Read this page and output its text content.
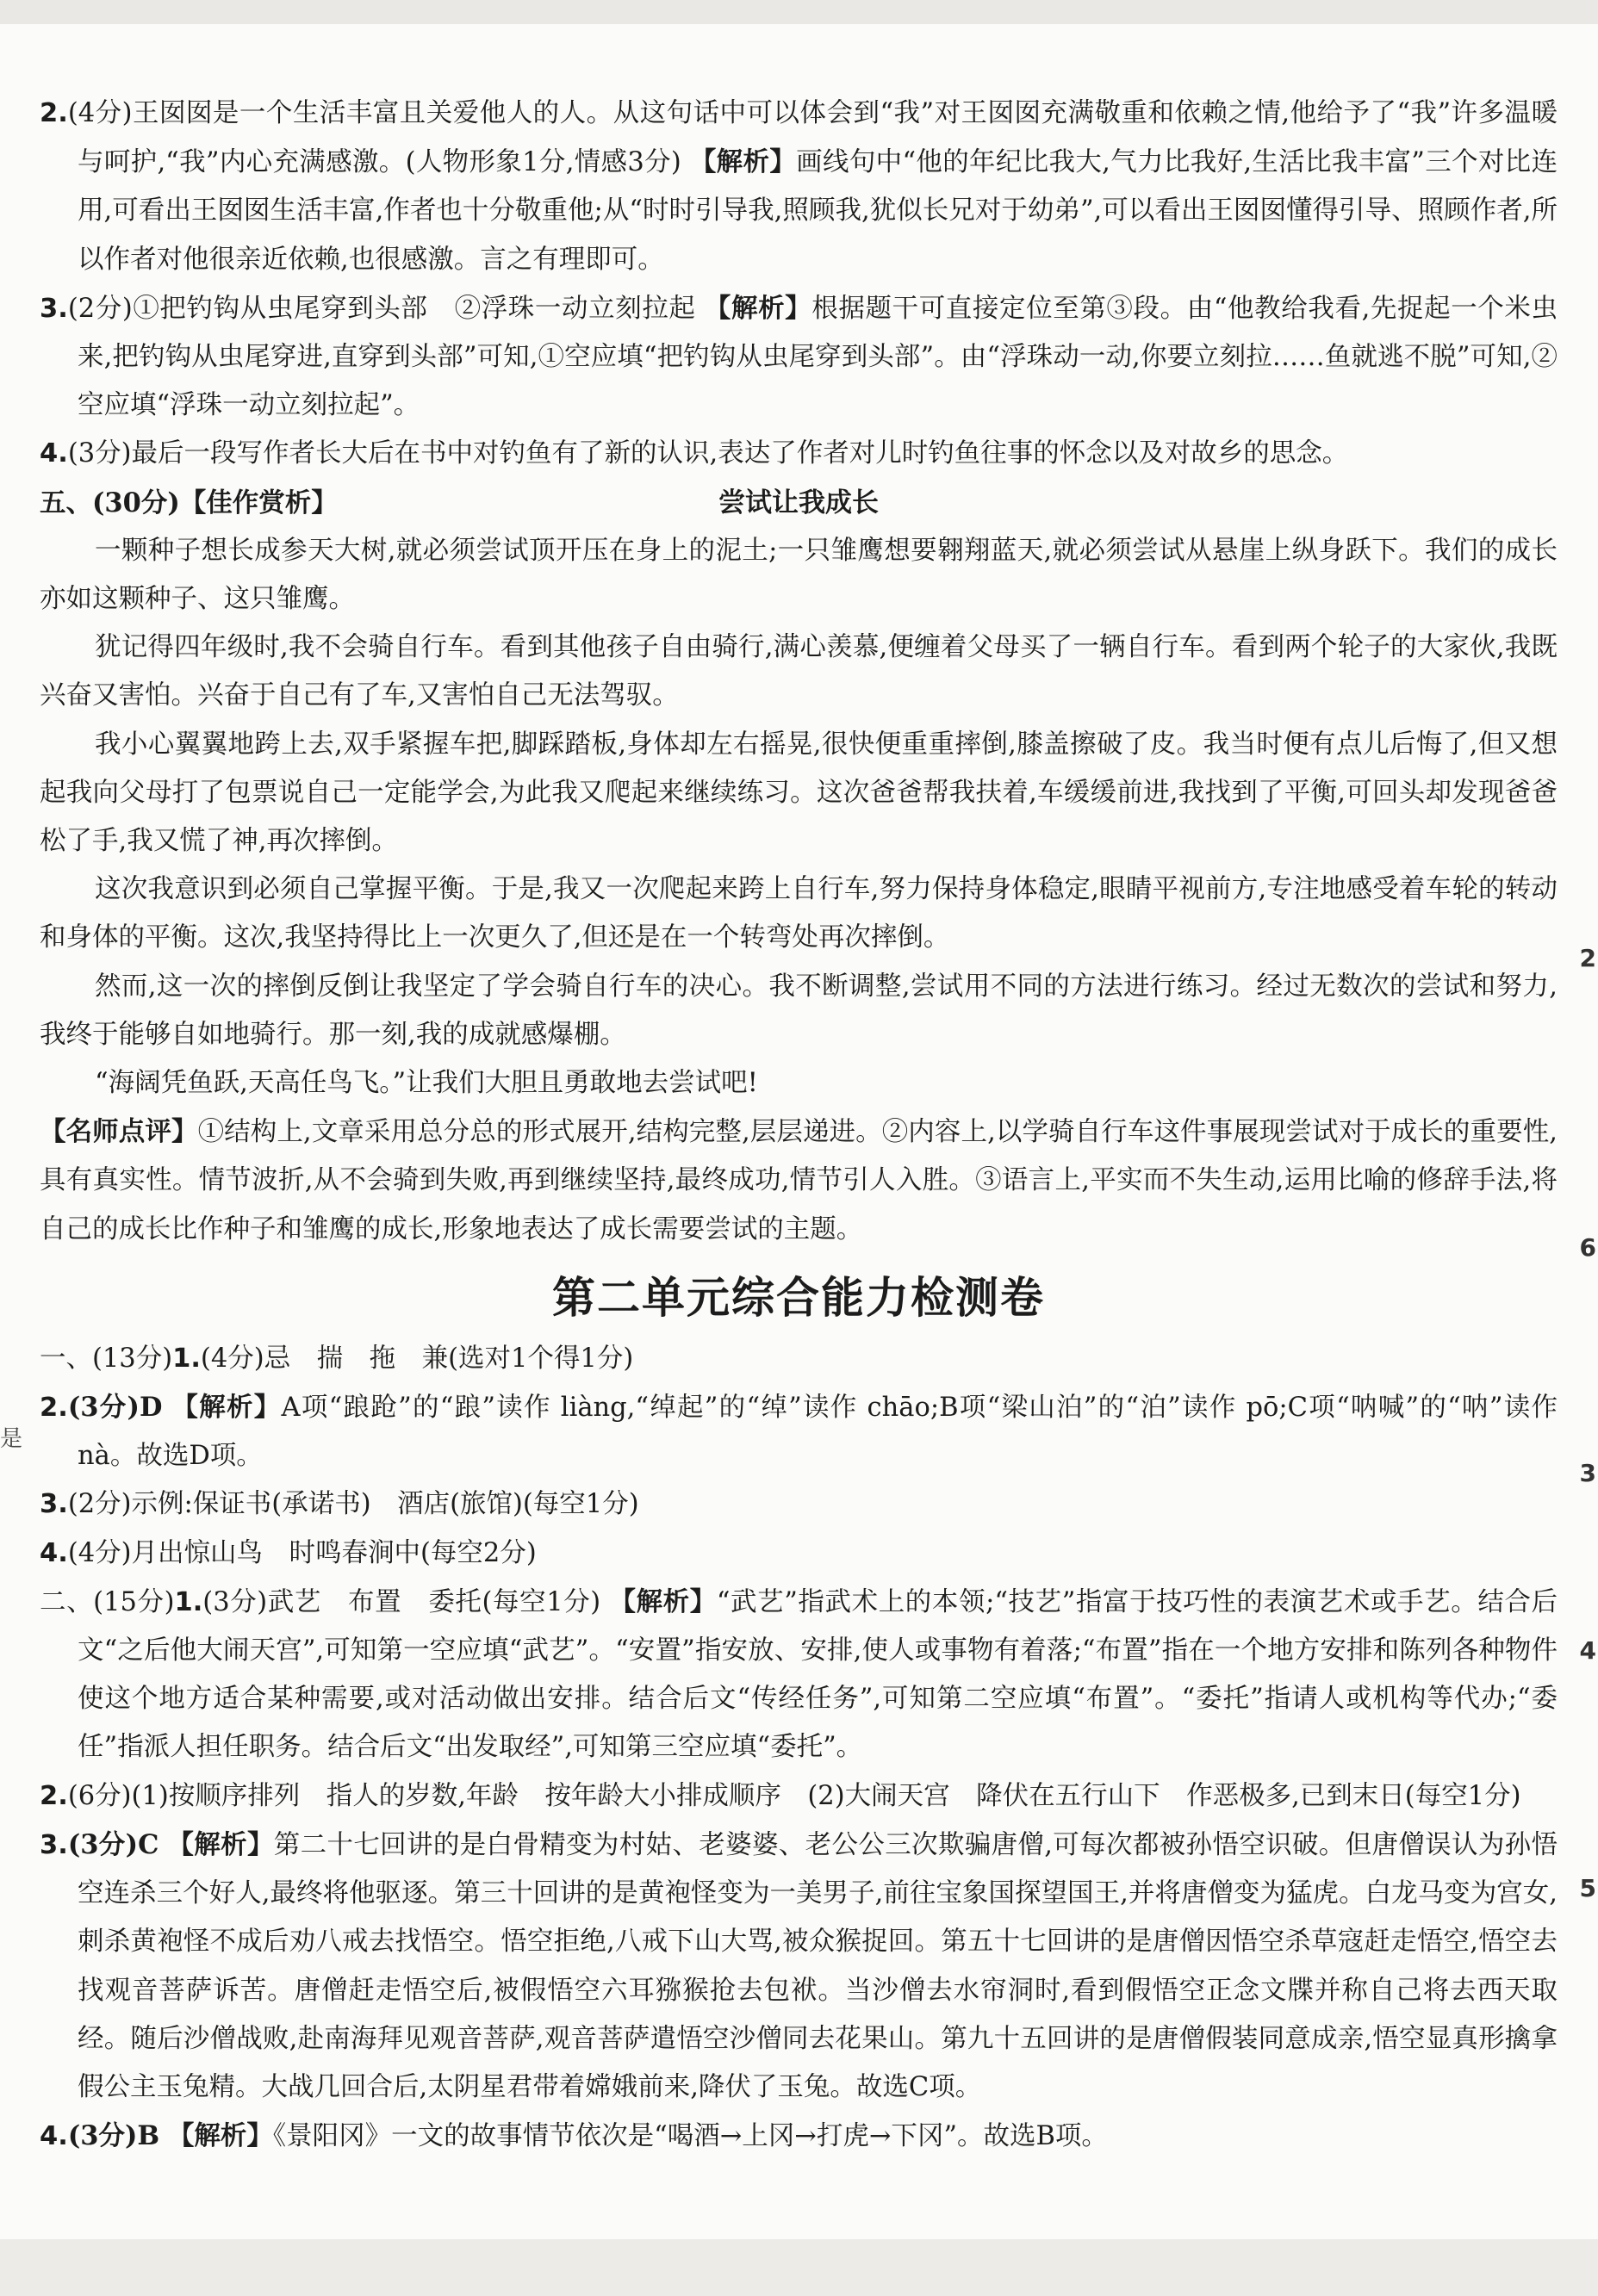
2
6
3
4
5
是

2.(4分)王囡囡是一个生活丰富且关爱他人的人。从这句话中可以体会到“我”对王囡囡充满敬重和依赖之情,他给予了“我”许多温暖与呵护,“我”内心充满感激。(人物形象1分,情感3分) 【解析】画线句中“他的年纪比我大,气力比我好,生活比我丰富”三个对比连用,可看出王囡囡生活丰富,作者也十分敬重他;从“时时引导我,照顾我,犹似长兄对于幼弟”,可以看出王囡囡懂得引导、照顾作者,所以作者对他很亲近依赖,也很感激。言之有理即可。

3.(2分)①把钓钩从虫尾穿到头部　②浮珠一动立刻拉起 【解析】根据题干可直接定位至第③段。由“他教给我看,先捉起一个米虫来,把钓钩从虫尾穿进,直穿到头部”可知,①空应填“把钓钩从虫尾穿到头部”。由“浮珠动一动,你要立刻拉……鱼就逃不脱”可知,②空应填“浮珠一动立刻拉起”。

4.(3分)最后一段写作者长大后在书中对钓鱼有了新的认识,表达了作者对儿时钓鱼往事的怀念以及对故乡的思念。

五、(30分)【佳作赏析】	尝试让我成长

一颗种子想长成参天大树,就必须尝试顶开压在身上的泥土;一只雏鹰想要翱翔蓝天,就必须尝试从悬崖上纵身跃下。我们的成长亦如这颗种子、这只雏鹰。

犹记得四年级时,我不会骑自行车。看到其他孩子自由骑行,满心羡慕,便缠着父母买了一辆自行车。看到两个轮子的大家伙,我既兴奋又害怕。兴奋于自己有了车,又害怕自己无法驾驭。

我小心翼翼地跨上去,双手紧握车把,脚踩踏板,身体却左右摇晃,很快便重重摔倒,膝盖擦破了皮。我当时便有点儿后悔了,但又想起我向父母打了包票说自己一定能学会,为此我又爬起来继续练习。这次爸爸帮我扶着,车缓缓前进,我找到了平衡,可回头却发现爸爸松了手,我又慌了神,再次摔倒。

这次我意识到必须自己掌握平衡。于是,我又一次爬起来跨上自行车,努力保持身体稳定,眼睛平视前方,专注地感受着车轮的转动和身体的平衡。这次,我坚持得比上一次更久了,但还是在一个转弯处再次摔倒。

然而,这一次的摔倒反倒让我坚定了学会骑自行车的决心。我不断调整,尝试用不同的方法进行练习。经过无数次的尝试和努力,我终于能够自如地骑行。那一刻,我的成就感爆棚。

“海阔凭鱼跃,天高任鸟飞。”让我们大胆且勇敢地去尝试吧!

【名师点评】①结构上,文章采用总分总的形式展开,结构完整,层层递进。②内容上,以学骑自行车这件事展现尝试对于成长的重要性,具有真实性。情节波折,从不会骑到失败,再到继续坚持,最终成功,情节引人入胜。③语言上,平实而不失生动,运用比喻的修辞手法,将自己的成长比作种子和雏鹰的成长,形象地表达了成长需要尝试的主题。

第二单元综合能力检测卷

一、(13分)1.(4分)忌　揣　拖　兼(选对1个得1分)

2.(3分)D 【解析】A项“踉跄”的“踉”读作 liàng,“绰起”的“绰”读作 chāo;B项“梁山泊”的“泊”读作 pō;C项“呐喊”的“呐”读作 nà。故选D项。

3.(2分)示例:保证书(承诺书)　酒店(旅馆)(每空1分)

4.(4分)月出惊山鸟　时鸣春涧中(每空2分)

二、(15分)1.(3分)武艺　布置　委托(每空1分) 【解析】“武艺”指武术上的本领;“技艺”指富于技巧性的表演艺术或手艺。结合后文“之后他大闹天宫”,可知第一空应填“武艺”。“安置”指安放、安排,使人或事物有着落;“布置”指在一个地方安排和陈列各种物件使这个地方适合某种需要,或对活动做出安排。结合后文“传经任务”,可知第二空应填“布置”。“委托”指请人或机构等代办;“委任”指派人担任职务。结合后文“出发取经”,可知第三空应填“委托”。

2.(6分)(1)按顺序排列　指人的岁数,年龄　按年龄大小排成顺序　(2)大闹天宫　降伏在五行山下　作恶极多,已到末日(每空1分)

3.(3分)C 【解析】第二十七回讲的是白骨精变为村姑、老婆婆、老公公三次欺骗唐僧,可每次都被孙悟空识破。但唐僧误认为孙悟空连杀三个好人,最终将他驱逐。第三十回讲的是黄袍怪变为一美男子,前往宝象国探望国王,并将唐僧变为猛虎。白龙马变为宫女,刺杀黄袍怪不成后劝八戒去找悟空。悟空拒绝,八戒下山大骂,被众猴捉回。第五十七回讲的是唐僧因悟空杀草寇赶走悟空,悟空去找观音菩萨诉苦。唐僧赶走悟空后,被假悟空六耳猕猴抢去包袱。当沙僧去水帘洞时,看到假悟空正念文牒并称自己将去西天取经。随后沙僧战败,赴南海拜见观音菩萨,观音菩萨遣悟空沙僧同去花果山。第九十五回讲的是唐僧假装同意成亲,悟空显真形擒拿假公主玉兔精。大战几回合后,太阴星君带着嫦娥前来,降伏了玉兔。故选C项。

4.(3分)B 【解析】《景阳冈》一文的故事情节依次是“喝酒→上冈→打虎→下冈”。故选B项。
